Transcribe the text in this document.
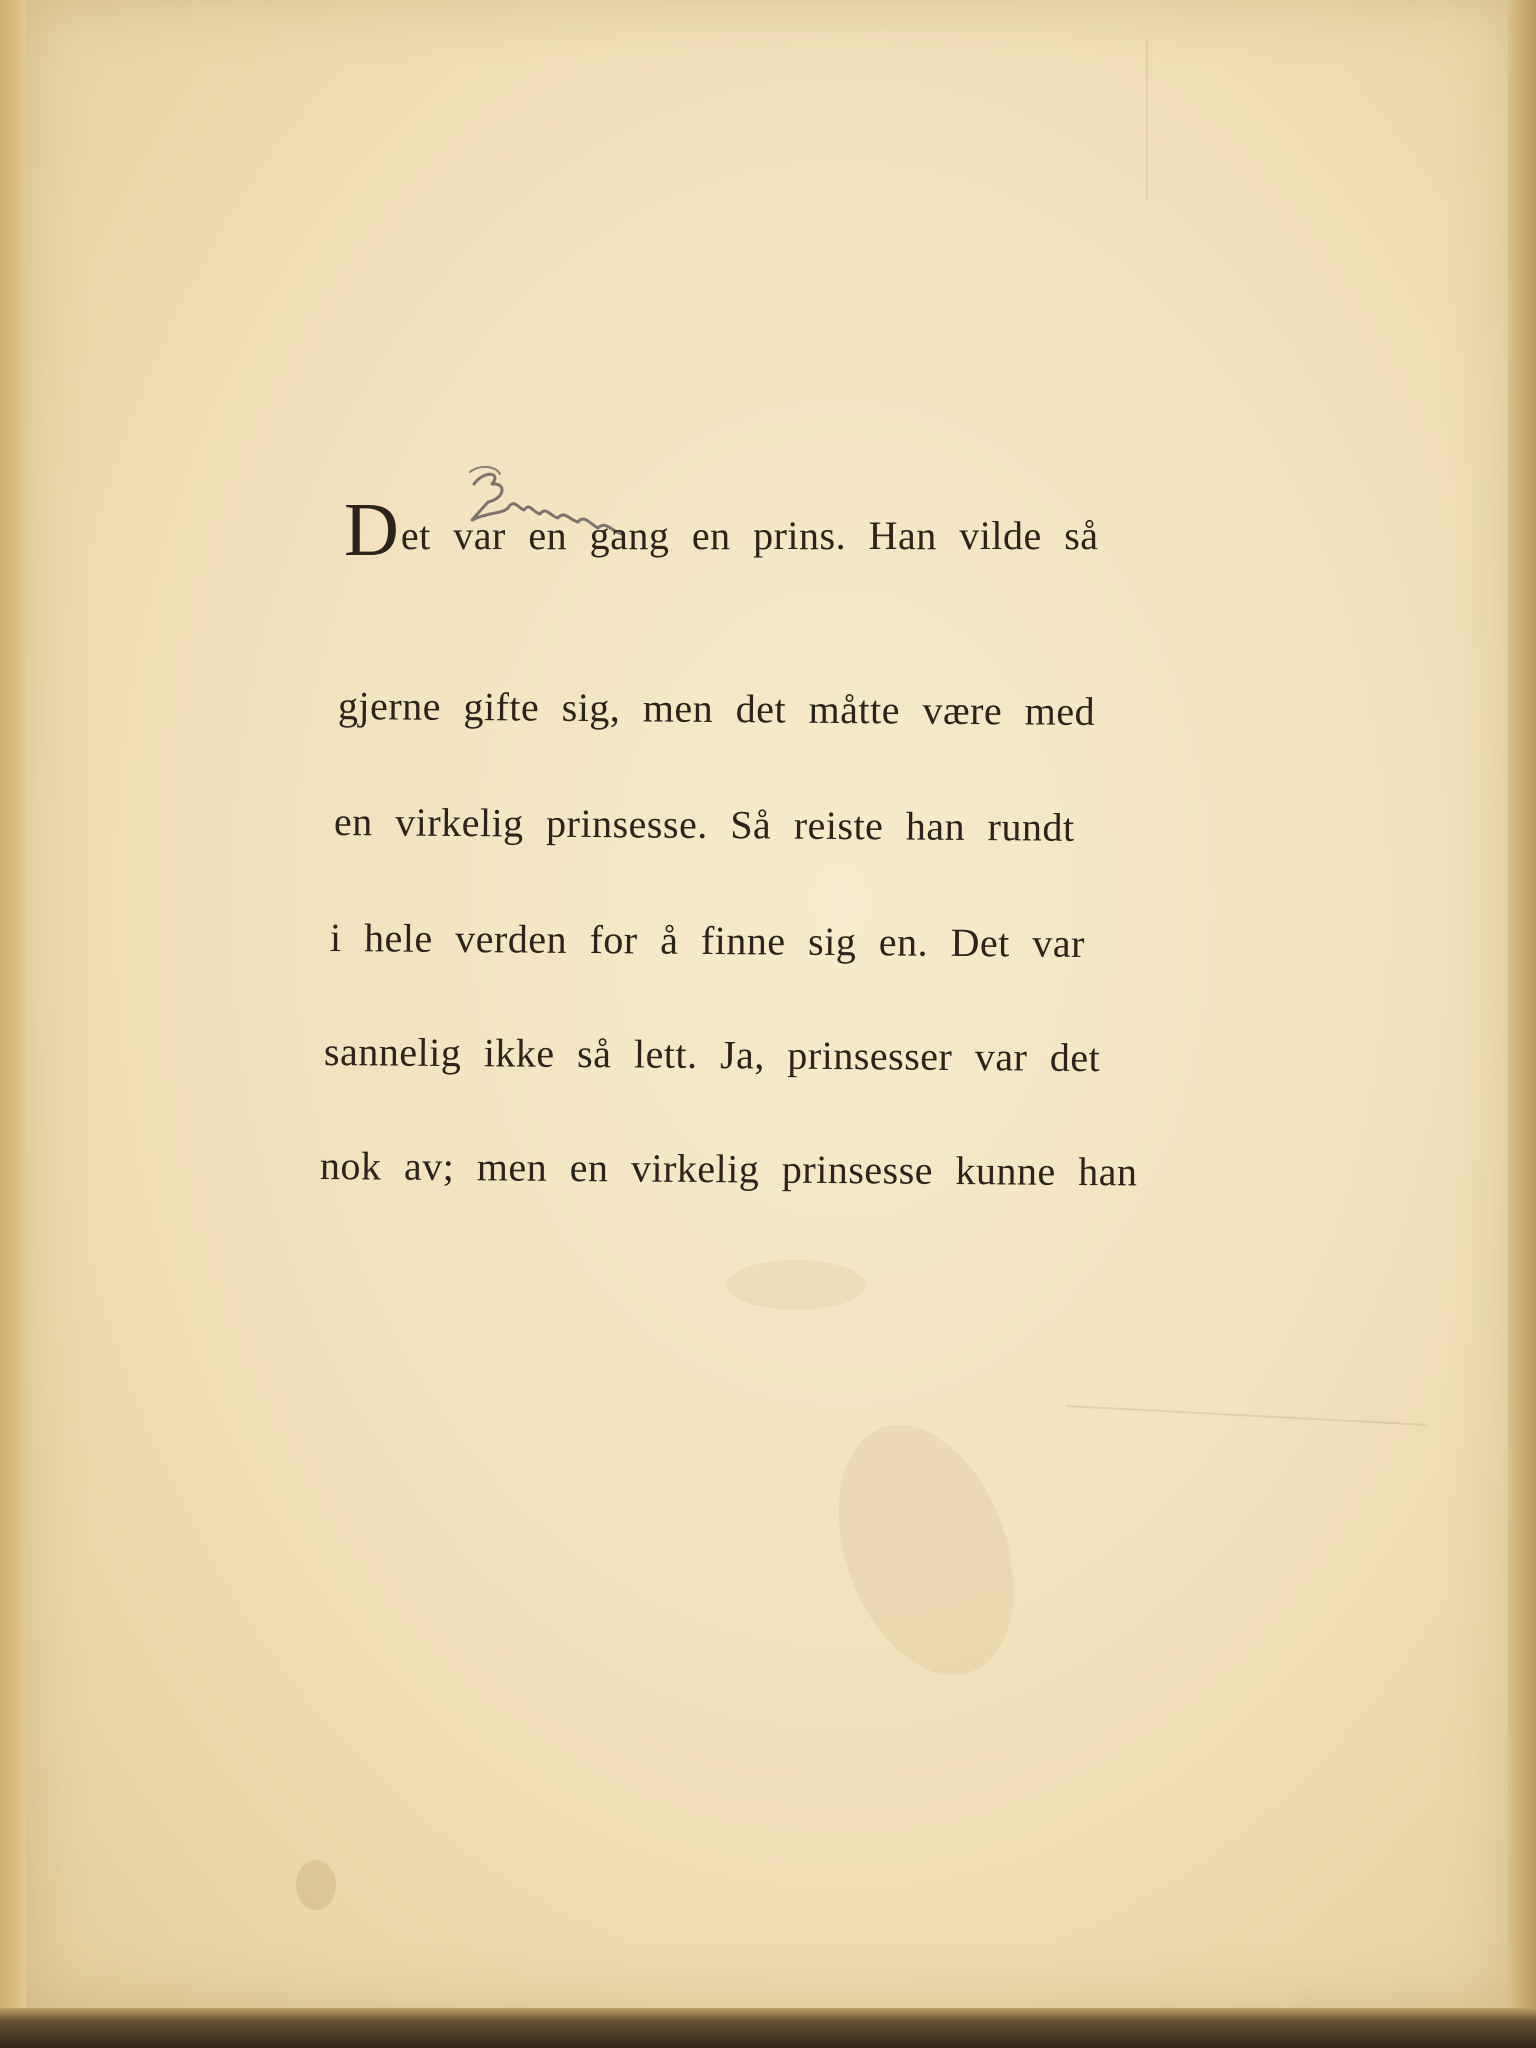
Det var en gang en prins. Han vilde så
gjerne gifte sig, men det måtte være med
en virkelig prinsesse. Så reiste han rundt
i hele verden for å finne sig en. Det var
sannelig ikke så lett. Ja, prinsesser var det
nok av; men en virkelig prinsesse kunne han
